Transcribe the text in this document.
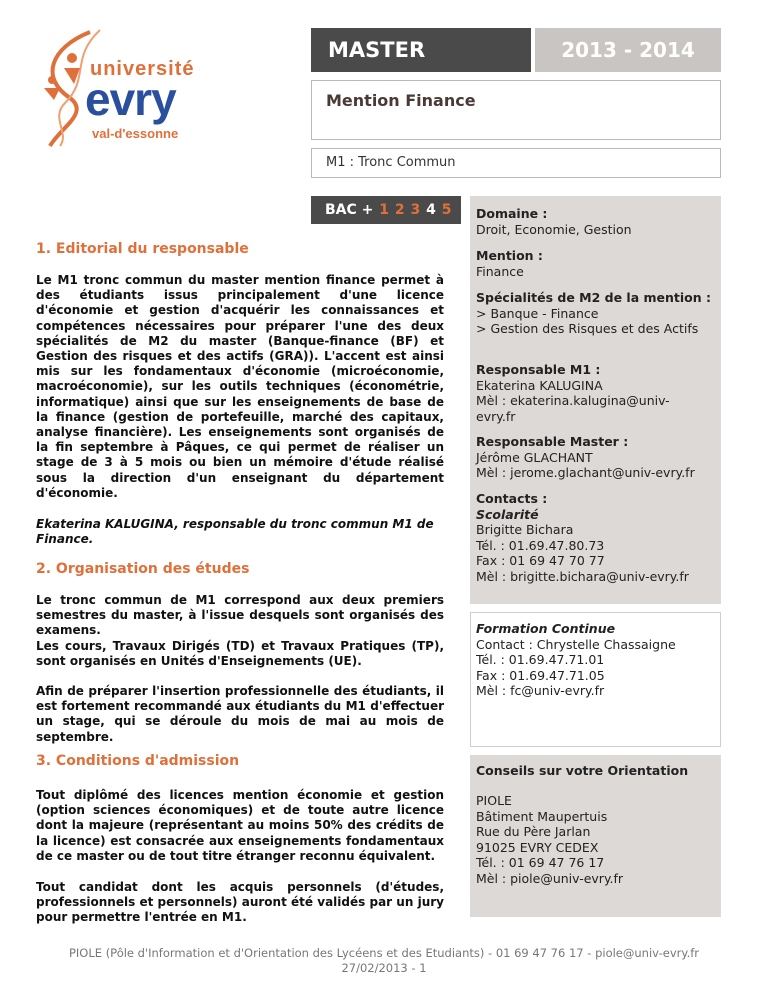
université
evry
val-d'essonne
MASTER	2013 - 2014
Mention Finance
M1 : Tronc Commun
BAC + 1 2 3 4 5
1. Editorial du responsable
Le M1 tronc commun du master mention finance permet à des étudiants issus principalement d'une licence d'économie et gestion d'acquérir les connaissances et compétences nécessaires pour préparer l'une des deux spécialités de M2 du master (Banque-finance (BF) et Gestion des risques et des actifs (GRA)). L'accent est ainsi mis sur les fondamentaux d'économie (microéconomie, macroéconomie), sur les outils techniques (économétrie, informatique) ainsi que sur les enseignements de base de la finance (gestion de portefeuille, marché des capitaux, analyse financière). Les enseignements sont organisés de la fin septembre à Pâques, ce qui permet de réaliser un stage de 3 à 5 mois ou bien un mémoire d'étude réalisé sous la direction d'un enseignant du département d'économie.
Ekaterina KALUGINA, responsable du tronc commun M1 de Finance.
2. Organisation des études
Le tronc commun de M1 correspond aux deux premiers semestres du master, à l'issue desquels sont organisés des examens.
Les cours, Travaux Dirigés (TD) et Travaux Pratiques (TP), sont organisés en Unités d'Enseignements (UE).
Afin de préparer l'insertion professionnelle des étudiants, il est fortement recommandé aux étudiants du M1 d'effectuer un stage, qui se déroule du mois de mai au mois de septembre.
3. Conditions d'admission
Tout diplômé des licences mention économie et gestion (option sciences économiques) et de toute autre licence dont la majeure (représentant au moins 50% des crédits de la licence) est consacrée aux enseignements fondamentaux de ce master ou de tout titre étranger reconnu équivalent.
Tout candidat dont les acquis personnels (d'études, professionnels et personnels) auront été validés par un jury pour permettre l'entrée en M1.
Domaine :
Droit, Economie, Gestion
Mention :
Finance
Spécialités de M2 de la mention :
> Banque - Finance
> Gestion des Risques et des Actifs
Responsable M1 :
Ekaterina KALUGINA
Mèl : ekaterina.kalugina@univ-
evry.fr
Responsable Master :
Jérôme GLACHANT
Mèl : jerome.glachant@univ-evry.fr
Contacts :
Scolarité
Brigitte Bichara
Tél. : 01.69.47.80.73
Fax : 01 69 47 70 77
Mèl : brigitte.bichara@univ-evry.fr
Formation Continue
Contact : Chrystelle Chassaigne
Tél. : 01.69.47.71.01
Fax : 01.69.47.71.05
Mèl : fc@univ-evry.fr
Conseils sur votre Orientation
PIOLE
Bâtiment Maupertuis
Rue du Père Jarlan
91025 EVRY CEDEX
Tél. : 01 69 47 76 17
Mèl : piole@univ-evry.fr
PIOLE (Pôle d'Information et d'Orientation des Lycéens et des Etudiants) - 01 69 47 76 17 - piole@univ-evry.fr
27/02/2013 - 1
